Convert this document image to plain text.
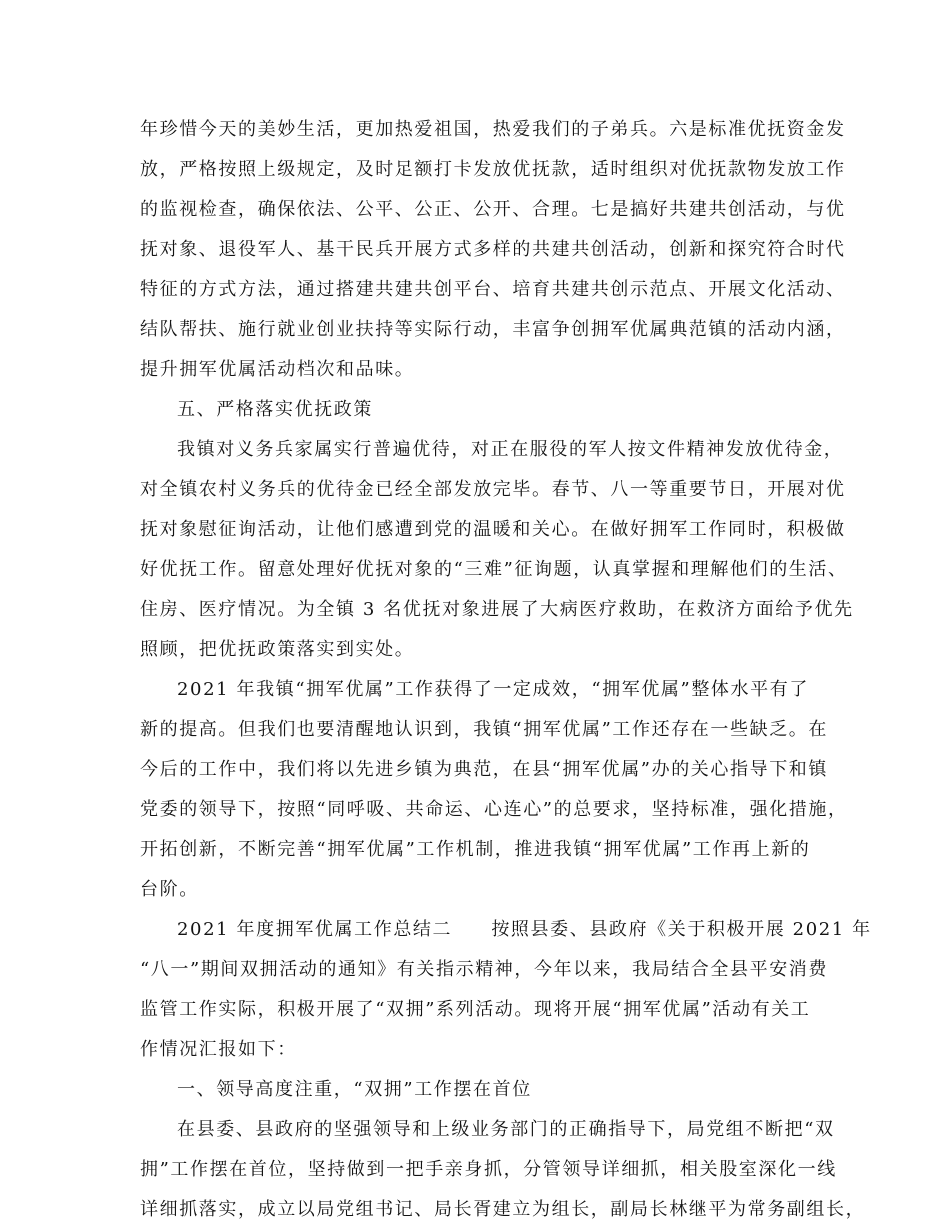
年珍惜今天的美妙生活，更加热爱祖国，热爱我们的子弟兵。六是标准优抚资金发
放，严格按照上级规定，及时足额打卡发放优抚款，适时组织对优抚款物发放工作
的监视检查，确保依法、公平、公正、公开、合理。七是搞好共建共创活动，与优
抚对象、退役军人、基干民兵开展方式多样的共建共创活动，创新和探究符合时代
特征的方式方法，通过搭建共建共创平台、培育共建共创示范点、开展文化活动、
结队帮扶、施行就业创业扶持等实际行动，丰富争创拥军优属典范镇的活动内涵，
提升拥军优属活动档次和品味。
五、严格落实优抚政策
我镇对义务兵家属实行普遍优待，对正在服役的军人按文件精神发放优待金，
对全镇农村义务兵的优待金已经全部发放完毕。春节、八一等重要节日，开展对优
抚对象慰征询活动，让他们感遭到党的温暖和关心。在做好拥军工作同时，积极做
好优抚工作。留意处理好优抚对象的“三难”征询题，认真掌握和理解他们的生活、
住房、医疗情况。为全镇 3 名优抚对象进展了大病医疗救助，在救济方面给予优先
照顾，把优抚政策落实到实处。
2021 年我镇“拥军优属”工作获得了一定成效，“拥军优属”整体水平有了
新的提高。但我们也要清醒地认识到，我镇“拥军优属”工作还存在一些缺乏。在
今后的工作中，我们将以先进乡镇为典范，在县“拥军优属”办的关心指导下和镇
党委的领导下，按照“同呼吸、共命运、心连心”的总要求，坚持标准，强化措施，
开拓创新，不断完善“拥军优属”工作机制，推进我镇“拥军优属”工作再上新的
台阶。
2021 年度拥军优属工作总结二　　按照县委、县政府《关于积极开展 2021 年
“八一”期间双拥活动的通知》有关指示精神，今年以来，我局结合全县平安消费
监管工作实际，积极开展了“双拥”系列活动。现将开展“拥军优属”活动有关工
作情况汇报如下：
一、领导高度注重，“双拥”工作摆在首位
在县委、县政府的坚强领导和上级业务部门的正确指导下，局党组不断把“双
拥”工作摆在首位，坚持做到一把手亲身抓，分管领导详细抓，相关股室深化一线
详细抓落实，成立以局党组书记、局长胥建立为组长，副局长林继平为常务副组长，
